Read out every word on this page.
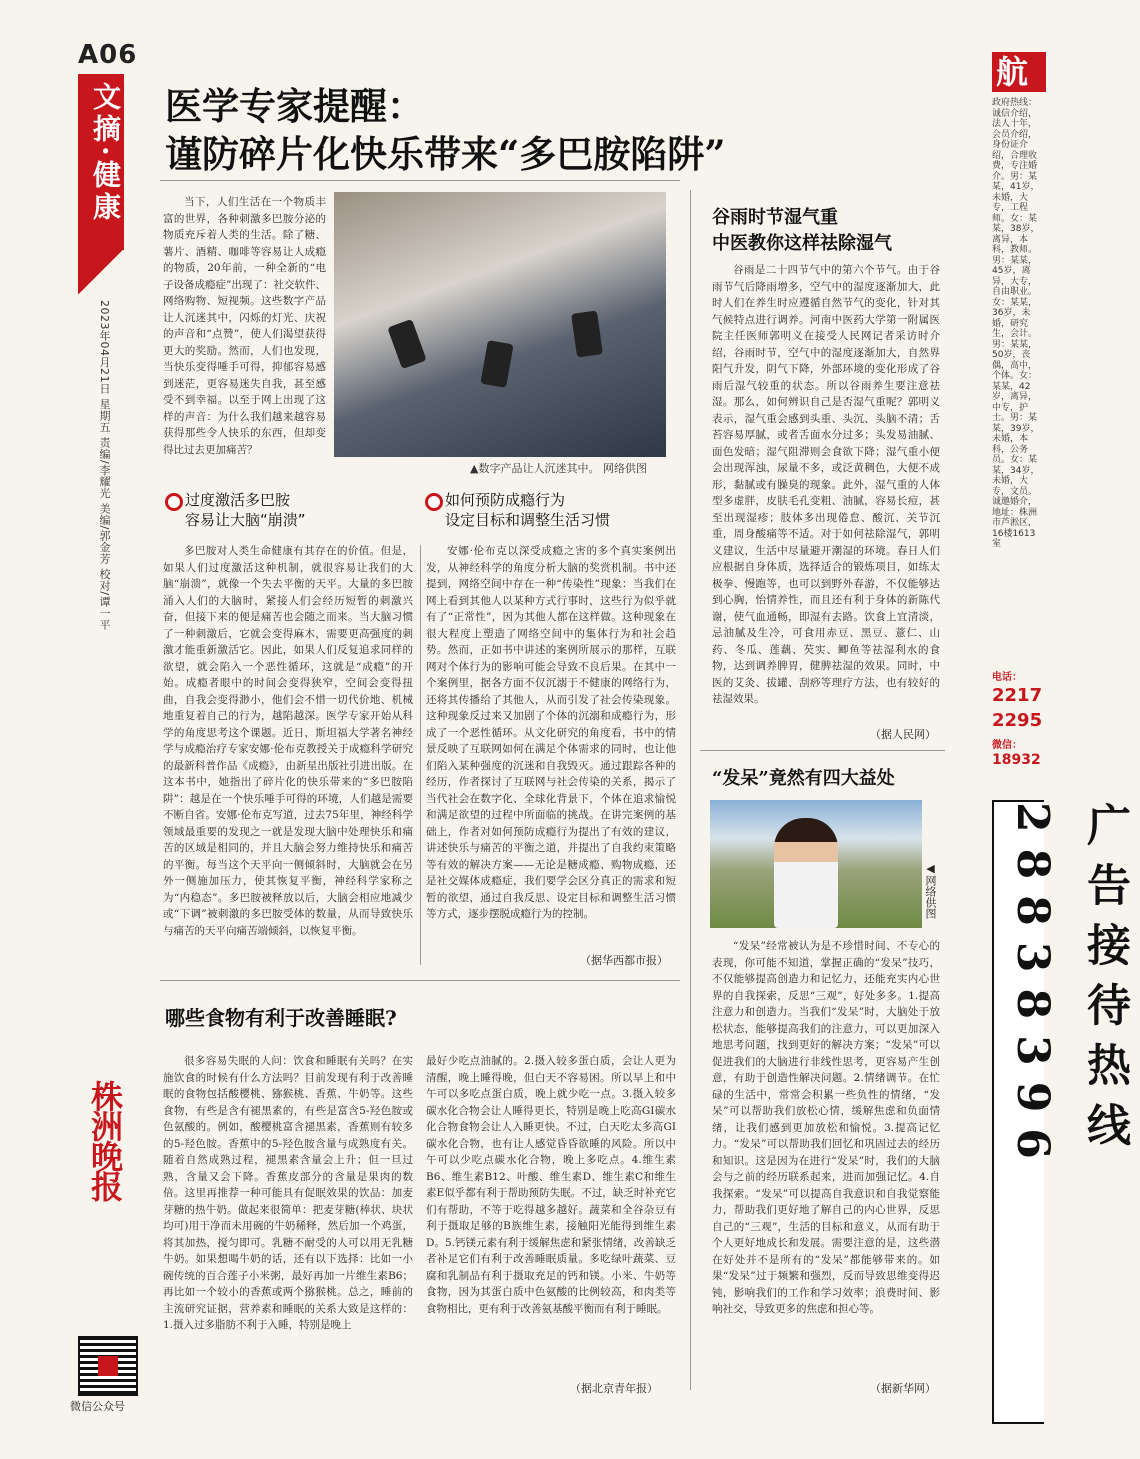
A06
文摘·健康
2023年04月21日 星期五 责编/李耀光 美编/郭金芳 校对/谭一平
株洲晚报
微信公众号
医学专家提醒：
谨防碎片化快乐带来“多巴胺陷阱”
当下，人们生活在一个物质丰富的世界，各种刺激多巴胺分泌的物质充斥着人类的生活。除了糖、薯片、酒精、咖啡等容易让人成瘾的物质，20年前，一种全新的“电子设备成瘾症”出现了：社交软件、网络购物、短视频。这些数字产品让人沉迷其中，闪烁的灯光、庆祝的声音和“点赞”，使人们渴望获得更大的奖励。然而，人们也发现，当快乐变得唾手可得，抑郁容易感到迷茫，更容易迷失自我，甚至感受不到幸福。以至于网上出现了这样的声音：为什么我们越来越容易获得那些令人快乐的东西，但却变得比过去更加痛苦？
▲数字产品让人沉迷其中。 网络供图
过度激活多巴胺
容易让大脑“崩溃”
如何预防成瘾行为
设定目标和调整生活习惯
多巴胺对人类生命健康有其存在的价值。但是，如果人们过度激活这种机制，就很容易让我们的大脑“崩溃”，就像一个失去平衡的天平。大量的多巴胺涌入人们的大脑时，紧接人们会经历短暂的刺激兴奋，但接下来的便是痛苦也会随之而来。当大脑习惯了一种刺激后，它就会变得麻木，需要更高强度的刺激才能重新激活它。因此，如果人们反复追求同样的欲望，就会陷入一个恶性循环，这就是“成瘾”的开始。成瘾者眼中的时间会变得狭窄，空间会变得扭曲，自我会变得渺小，他们会不惜一切代价地、机械地重复着自己的行为，越陷越深。医学专家开始从科学的角度思考这个课题。近日，斯坦福大学著名神经学与成瘾治疗专家安娜·伦布克教授关于成瘾科学研究的最新科普作品《成瘾》，由新星出版社引进出版。在这本书中，她指出了碎片化的快乐带来的“多巴胺陷阱”：越是在一个快乐唾手可得的环境，人们越是需要不断自省。安娜·伦布克写道，过去75年里，神经科学领域最重要的发现之一就是发现大脑中处理快乐和痛苦的区域是相同的，并且大脑会努力维持快乐和痛苦的平衡。每当这个天平向一侧倾斜时，大脑就会在另外一侧施加压力，使其恢复平衡，神经科学家称之为“内稳态”。多巴胺被释放以后，大脑会相应地减少或“下调”被刺激的多巴胺受体的数量，从而导致快乐与痛苦的天平向痛苦端倾斜，以恢复平衡。
安娜·伦布克以深受成瘾之害的多个真实案例出发，从神经科学的角度分析大脑的奖赏机制。书中还提到，网络空间中存在一种“传染性”现象：当我们在网上看到其他人以某种方式行事时，这些行为似乎就有了“正常性”，因为其他人都在这样做。这种现象在很大程度上塑造了网络空间中的集体行为和社会趋势。然而，正如书中讲述的案例所展示的那样，互联网对个体行为的影响可能会导致不良后果。在其中一个案例里，据各方面不仅沉溺于不健康的网络行为，还将其传播给了其他人，从而引发了社会传染现象。这种现象反过来又加剧了个体的沉溺和成瘾行为，形成了一个恶性循环。从文化研究的角度看，书中的情景反映了互联网如何在满足个体需求的同时，也让他们陷入某种强度的沉迷和自我毁灭。通过跟踪各种的经历，作者探讨了互联网与社会传染的关系，揭示了当代社会在数字化、全球化背景下，个体在追求愉悦和满足欲望的过程中所面临的挑战。在讲完案例的基础上，作者对如何预防成瘾行为提出了有效的建议，讲述快乐与痛苦的平衡之道，并提出了自我约束策略等有效的解决方案——无论是糖成瘾、购物成瘾，还是社交媒体成瘾症，我们要学会区分真正的需求和短暂的欲望，通过自我反思、设定目标和调整生活习惯等方式，逐步摆脱成瘾行为的控制。
（据华西都市报）
哪些食物有利于改善睡眠?
很多容易失眠的人问：饮食和睡眠有关吗？在实施饮食的时候有什么方法吗？目前发现有利于改善睡眠的食物包括酸樱桃、猕猴桃、香蕉、牛奶等。这些食物，有些是含有褪黑素的，有些是富含5-羟色胺或色氨酸的。例如，酸樱桃富含褪黑素，香蕉则有较多的5-羟色胺。香蕉中的5-羟色胺含量与成熟度有关。随着自然成熟过程，褪黑素含量会上升；但一旦过熟，含量又会下降。香蕉皮部分的含量是果肉的数倍。这里再推荐一种可能具有促眠效果的饮品：加麦芽糖的热牛奶。做起来很简单：把麦芽糖(棒状、块状均可)用干净而未用碗的牛奶稀释，然后加一个鸡蛋，将其加热，搅匀即可。乳糖不耐受的人可以用无乳糖牛奶。如果想喝牛奶的话，还有以下选择：比如一小碗传统的百合莲子小米粥，最好再加一片维生素B6；再比如一个较小的香蕉或两个猕猴桃。总之，睡前的主流研究证据，营养素和睡眠的关系大致是这样的：1.摄入过多脂肪不利于入睡，特别是晚上
最好少吃点油腻的。2.摄入较多蛋白质，会让人更为清醒，晚上睡得晚，但白天不容易困。所以早上和中午可以多吃点蛋白质，晚上就少吃一点。3.摄入较多碳水化合物会让人睡得更长，特别是晚上吃高GI碳水化合物食物会让人入睡更快。不过，白天吃太多高GI碳水化合物，也有让人感觉昏昏欲睡的风险。所以中午可以少吃点碳水化合物，晚上多吃点。4.维生素B6、维生素B12、叶酸、维生素D、维生素C和维生素E似乎都有利于帮助预防失眠。不过，缺乏时补充它们有帮助，不等于吃得越多越好。蔬菜和全谷杂豆有利于摄取足够的B族维生素，接触阳光能得到维生素D。5.钙镁元素有利于缓解焦虑和紧张情绪，改善缺乏者补足它们有利于改善睡眠质量。多吃绿叶蔬菜、豆腐和乳制品有利于摄取充足的钙和镁。小米、牛奶等食物，因为其蛋白质中色氨酸的比例较高，和肉类等食物相比，更有利于改善氨基酸平衡而有利于睡眠。
（据北京青年报）
谷雨时节湿气重
中医教你这样祛除湿气
谷雨是二十四节气中的第六个节气。由于谷雨节气后降雨增多，空气中的湿度逐渐加大，此时人们在养生时应遵循自然节气的变化，针对其气候特点进行调养。河南中医药大学第一附属医院主任医师郭明义在接受人民网记者采访时介绍，谷雨时节，空气中的湿度逐渐加大，自然界阳气升发，阴气下降，外部环境的变化形成了谷雨后湿气较重的状态。所以谷雨养生要注意祛湿。那么，如何辨识自己是否湿气重呢？郭明义表示，湿气重会感到头重、头沉、头脑不清；舌苔容易厚腻，或者舌面水分过多；头发易油腻、面色发暗；湿气阻滞则会食欲下降；湿气重小便会出现浑浊，尿量不多，或泛黄稠色，大便不成形，黏腻或有臊臭的现象。此外，湿气重的人体型多虚胖，皮肤毛孔变粗、油腻，容易长痘，甚至出现湿疹；肢体多出现倦怠、酸沉、关节沉重，周身酸痛等不适。对于如何祛除湿气，郭明义建议，生活中尽量避开潮湿的环境。春日人们应根据自身体质，选择适合的锻炼项目，如练太极拳、慢跑等，也可以到野外春游，不仅能够达到心胸，怡情养性，而且还有利于身体的新陈代谢，使气血通畅，即湿有去路。饮食上宜清淡，忌油腻及生冷，可食用赤豆、黑豆、薏仁、山药、冬瓜、莲藕、芡实、鲫鱼等祛湿利水的食物，达到调养脾胃，健脾祛湿的效果。同时，中医的艾灸、拔罐、刮痧等理疗方法，也有较好的祛湿效果。
（据人民网）
“发呆”竟然有四大益处
◀网络供图
“发呆”经常被认为是不珍惜时间、不专心的表现，你可能不知道，掌握正确的“发呆”技巧，不仅能够提高创造力和记忆力，还能充实内心世界的自我探索，反思“三观”，好处多多。1.提高注意力和创造力。当我们“发呆”时，大脑处于放松状态，能够提高我们的注意力，可以更加深入地思考问题，找到更好的解决方案；“发呆”可以促进我们的大脑进行非线性思考，更容易产生创意，有助于创造性解决问题。2.情绪调节。在忙碌的生活中，常常会积累一些负性的情绪，“发呆”可以帮助我们放松心情，缓解焦虑和负面情绪，让我们感到更加放松和愉悦。3.提高记忆力。“发呆”可以帮助我们回忆和巩固过去的经历和知识。这是因为在进行“发呆”时，我们的大脑会与之前的经历联系起来，进而加强记忆。4.自我探索。“发呆”可以提高自我意识和自我觉察能力，帮助我们更好地了解自己的内心世界，反思自己的“三观”，生活的目标和意义，从而有助于个人更好地成长和发展。需要注意的是，这些潜在好处并不是所有的“发呆”都能够带来的。如果“发呆”过于频繁和强烈，反而导致思维变得迟钝，影响我们的工作和学习效率；浪费时间、影响社交，导致更多的焦虑和担心等。
（据新华网）
航
政府热线：诚信介绍，法人十年，会员介绍，身份证介绍，合理收费，专注婚介。男：某某，41岁，未婚，大专，工程师。女：某某，38岁，离异，本科，教师。男：某某，45岁，离异，大专，自由职业。女：某某，36岁，未婚，研究生，会计。男：某某，50岁，丧偶，高中，个体。女：某某，42岁，离异，中专，护士。男：某某，39岁，未婚，本科，公务员。女：某某，34岁，未婚，大专，文员。诚邀婚介，地址：株洲市芦淞区，16楼1613室
电话：
2217
2295
微信：
18932
广告接待热线28838396
